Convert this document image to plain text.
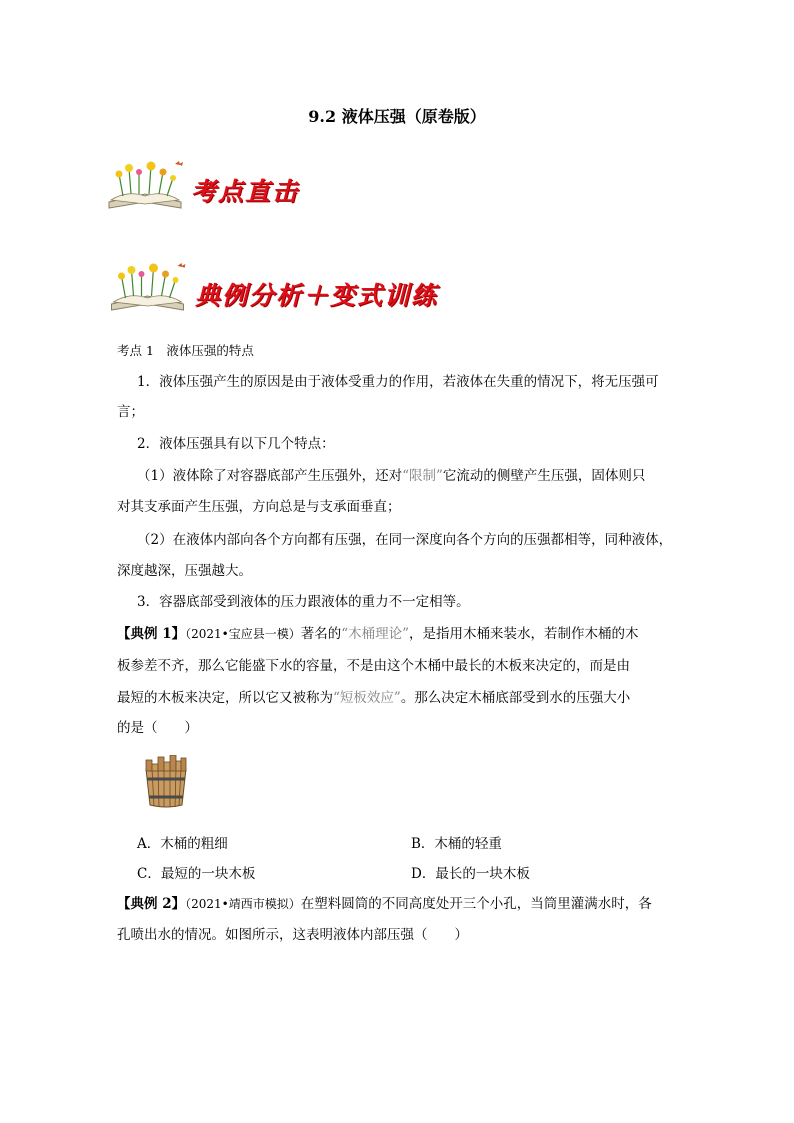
9.2 液体压强（原卷版）
考点直击
典例分析＋变式训练
考点 1　液体压强的特点
1．液体压强产生的原因是由于液体受重力的作用，若液体在失重的情况下，将无压强可
言；
2．液体压强具有以下几个特点：
（1）液体除了对容器底部产生压强外，还对“限制”它流动的侧壁产生压强，固体则只
对其支承面产生压强，方向总是与支承面垂直；
（2）在液体内部向各个方向都有压强，在同一深度向各个方向的压强都相等，同种液体，
深度越深，压强越大。
3．容器底部受到液体的压力跟液体的重力不一定相等。
【典例 1】（2021•宝应县一模）著名的“木桶理论”，是指用木桶来装水，若制作木桶的木
板参差不齐，那么它能盛下水的容量，不是由这个木桶中最长的木板来决定的，而是由
最短的木板来决定，所以它又被称为“短板效应”。那么决定木桶底部受到水的压强大小
的是（　　）
A．木桶的粗细	B．木桶的轻重
C．最短的一块木板	D．最长的一块木板
【典例 2】（2021•靖西市模拟）在塑料圆筒的不同高度处开三个小孔，当筒里灌满水时，各
孔喷出水的情况。如图所示，这表明液体内部压强（　　）
